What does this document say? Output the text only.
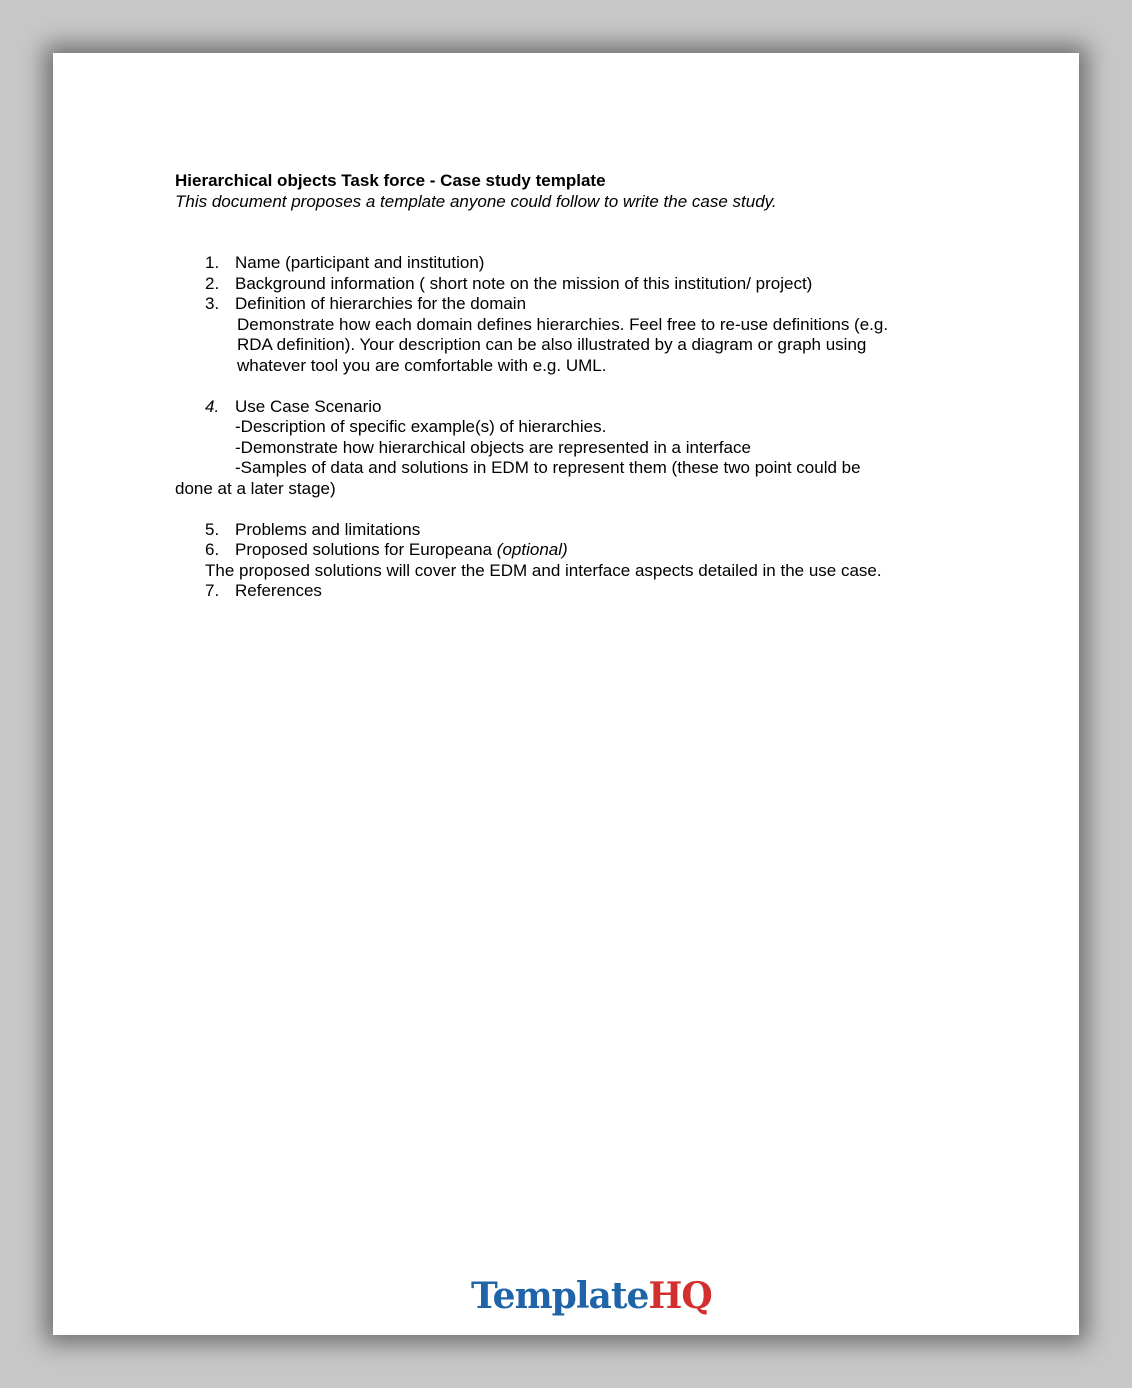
Hierarchical objects Task force - Case study template

This document proposes a template anyone could follow to write the case study.

1. Name (participant and institution)

2. Background information ( short note on the mission of this institution/ project)

3. Definition of hierarchies for the domain

Demonstrate how each domain defines hierarchies. Feel free to re-use definitions (e.g.

RDA definition). Your description can be also illustrated by a diagram or graph using

whatever tool you are comfortable with e.g. UML.

4. Use Case Scenario

-Description of specific example(s) of hierarchies.

-Demonstrate how hierarchical objects are represented in a interface

-Samples of data and solutions in EDM to represent them (these two point could be

done at a later stage)

5. Problems and limitations

6. Proposed solutions for Europeana (optional)

The proposed solutions will cover the EDM and interface aspects detailed in the use case.

7. References

TemplateHQ
